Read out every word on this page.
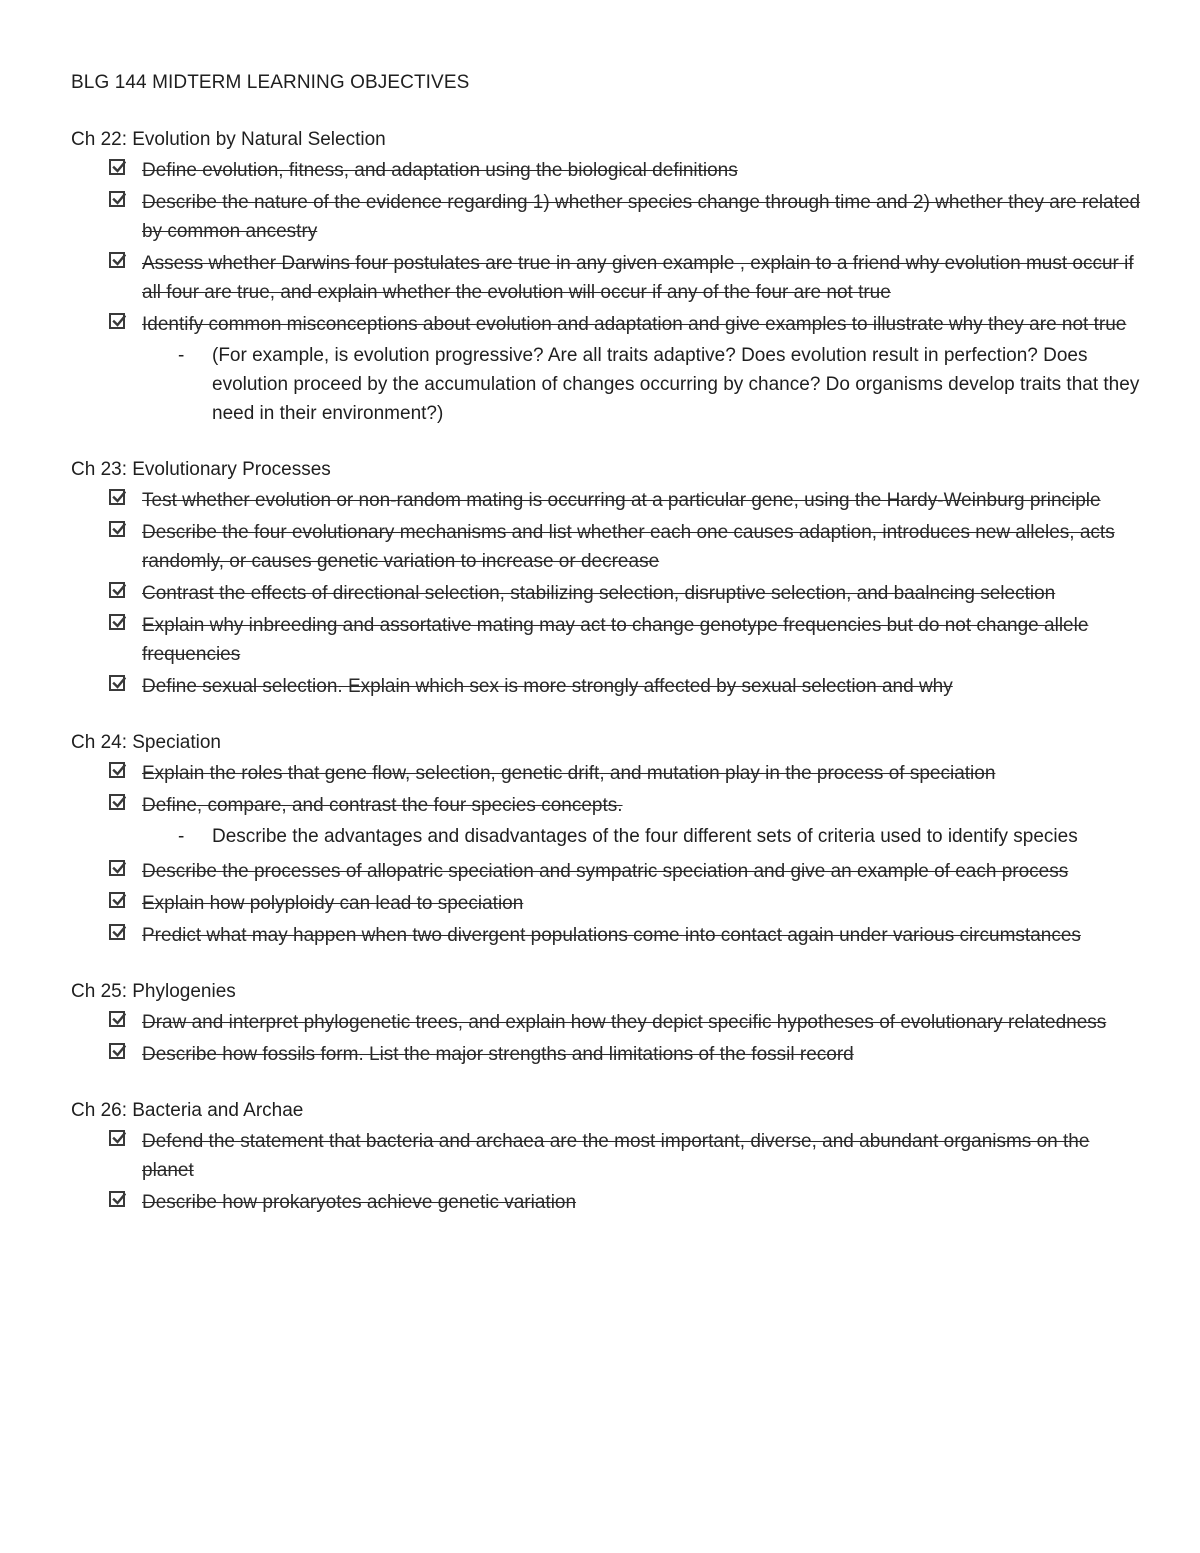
BLG 144 MIDTERM LEARNING OBJECTIVES
Ch 22: Evolution by Natural Selection
Define evolution, fitness, and adaptation using the biological definitions
Describe the nature of the evidence regarding 1) whether species change through time and 2) whether they are related by common ancestry
Assess whether Darwins four postulates are true in any given example , explain to a friend why evolution must occur if all four are true, and explain whether the evolution will occur if any of the four are not true
Identify common misconceptions about evolution and adaptation and give examples to illustrate why they are not true
- (For example, is evolution progressive? Are all traits adaptive? Does evolution result in perfection? Does evolution proceed by the accumulation of changes occurring by chance? Do organisms develop traits that they need in their environment?)
Ch 23: Evolutionary Processes
Test whether evolution or non-random mating is occurring at a particular gene, using the Hardy-Weinburg principle
Describe the four evolutionary mechanisms and list whether each one causes adaption, introduces new alleles, acts randomly, or causes genetic variation to increase or decrease
Contrast the effects of directional selection, stabilizing selection, disruptive selection, and baalncing selection
Explain why inbreeding and assortative mating may act to change genotype frequencies but do not change allele frequencies
Define sexual selection. Explain which sex is more strongly affected by sexual selection and why
Ch 24: Speciation
Explain the roles that gene flow, selection, genetic drift, and mutation play in the process of speciation
Define, compare, and contrast the four species concepts.
- Describe the advantages and disadvantages of the four different sets of criteria used to identify species
Describe the processes of allopatric speciation and sympatric speciation and give an example of each process
Explain how polyploidy can lead to speciation
Predict what may happen when two divergent populations come into contact again under various circumstances
Ch 25: Phylogenies
Draw and interpret phylogenetic trees, and explain how they depict specific hypotheses of evolutionary relatedness
Describe how fossils form. List the major strengths and limitations of the fossil record
Ch 26: Bacteria and Archae
Defend the statement that bacteria and archaea are the most important, diverse, and abundant organisms on the planet
Describe how prokaryotes achieve genetic variation
